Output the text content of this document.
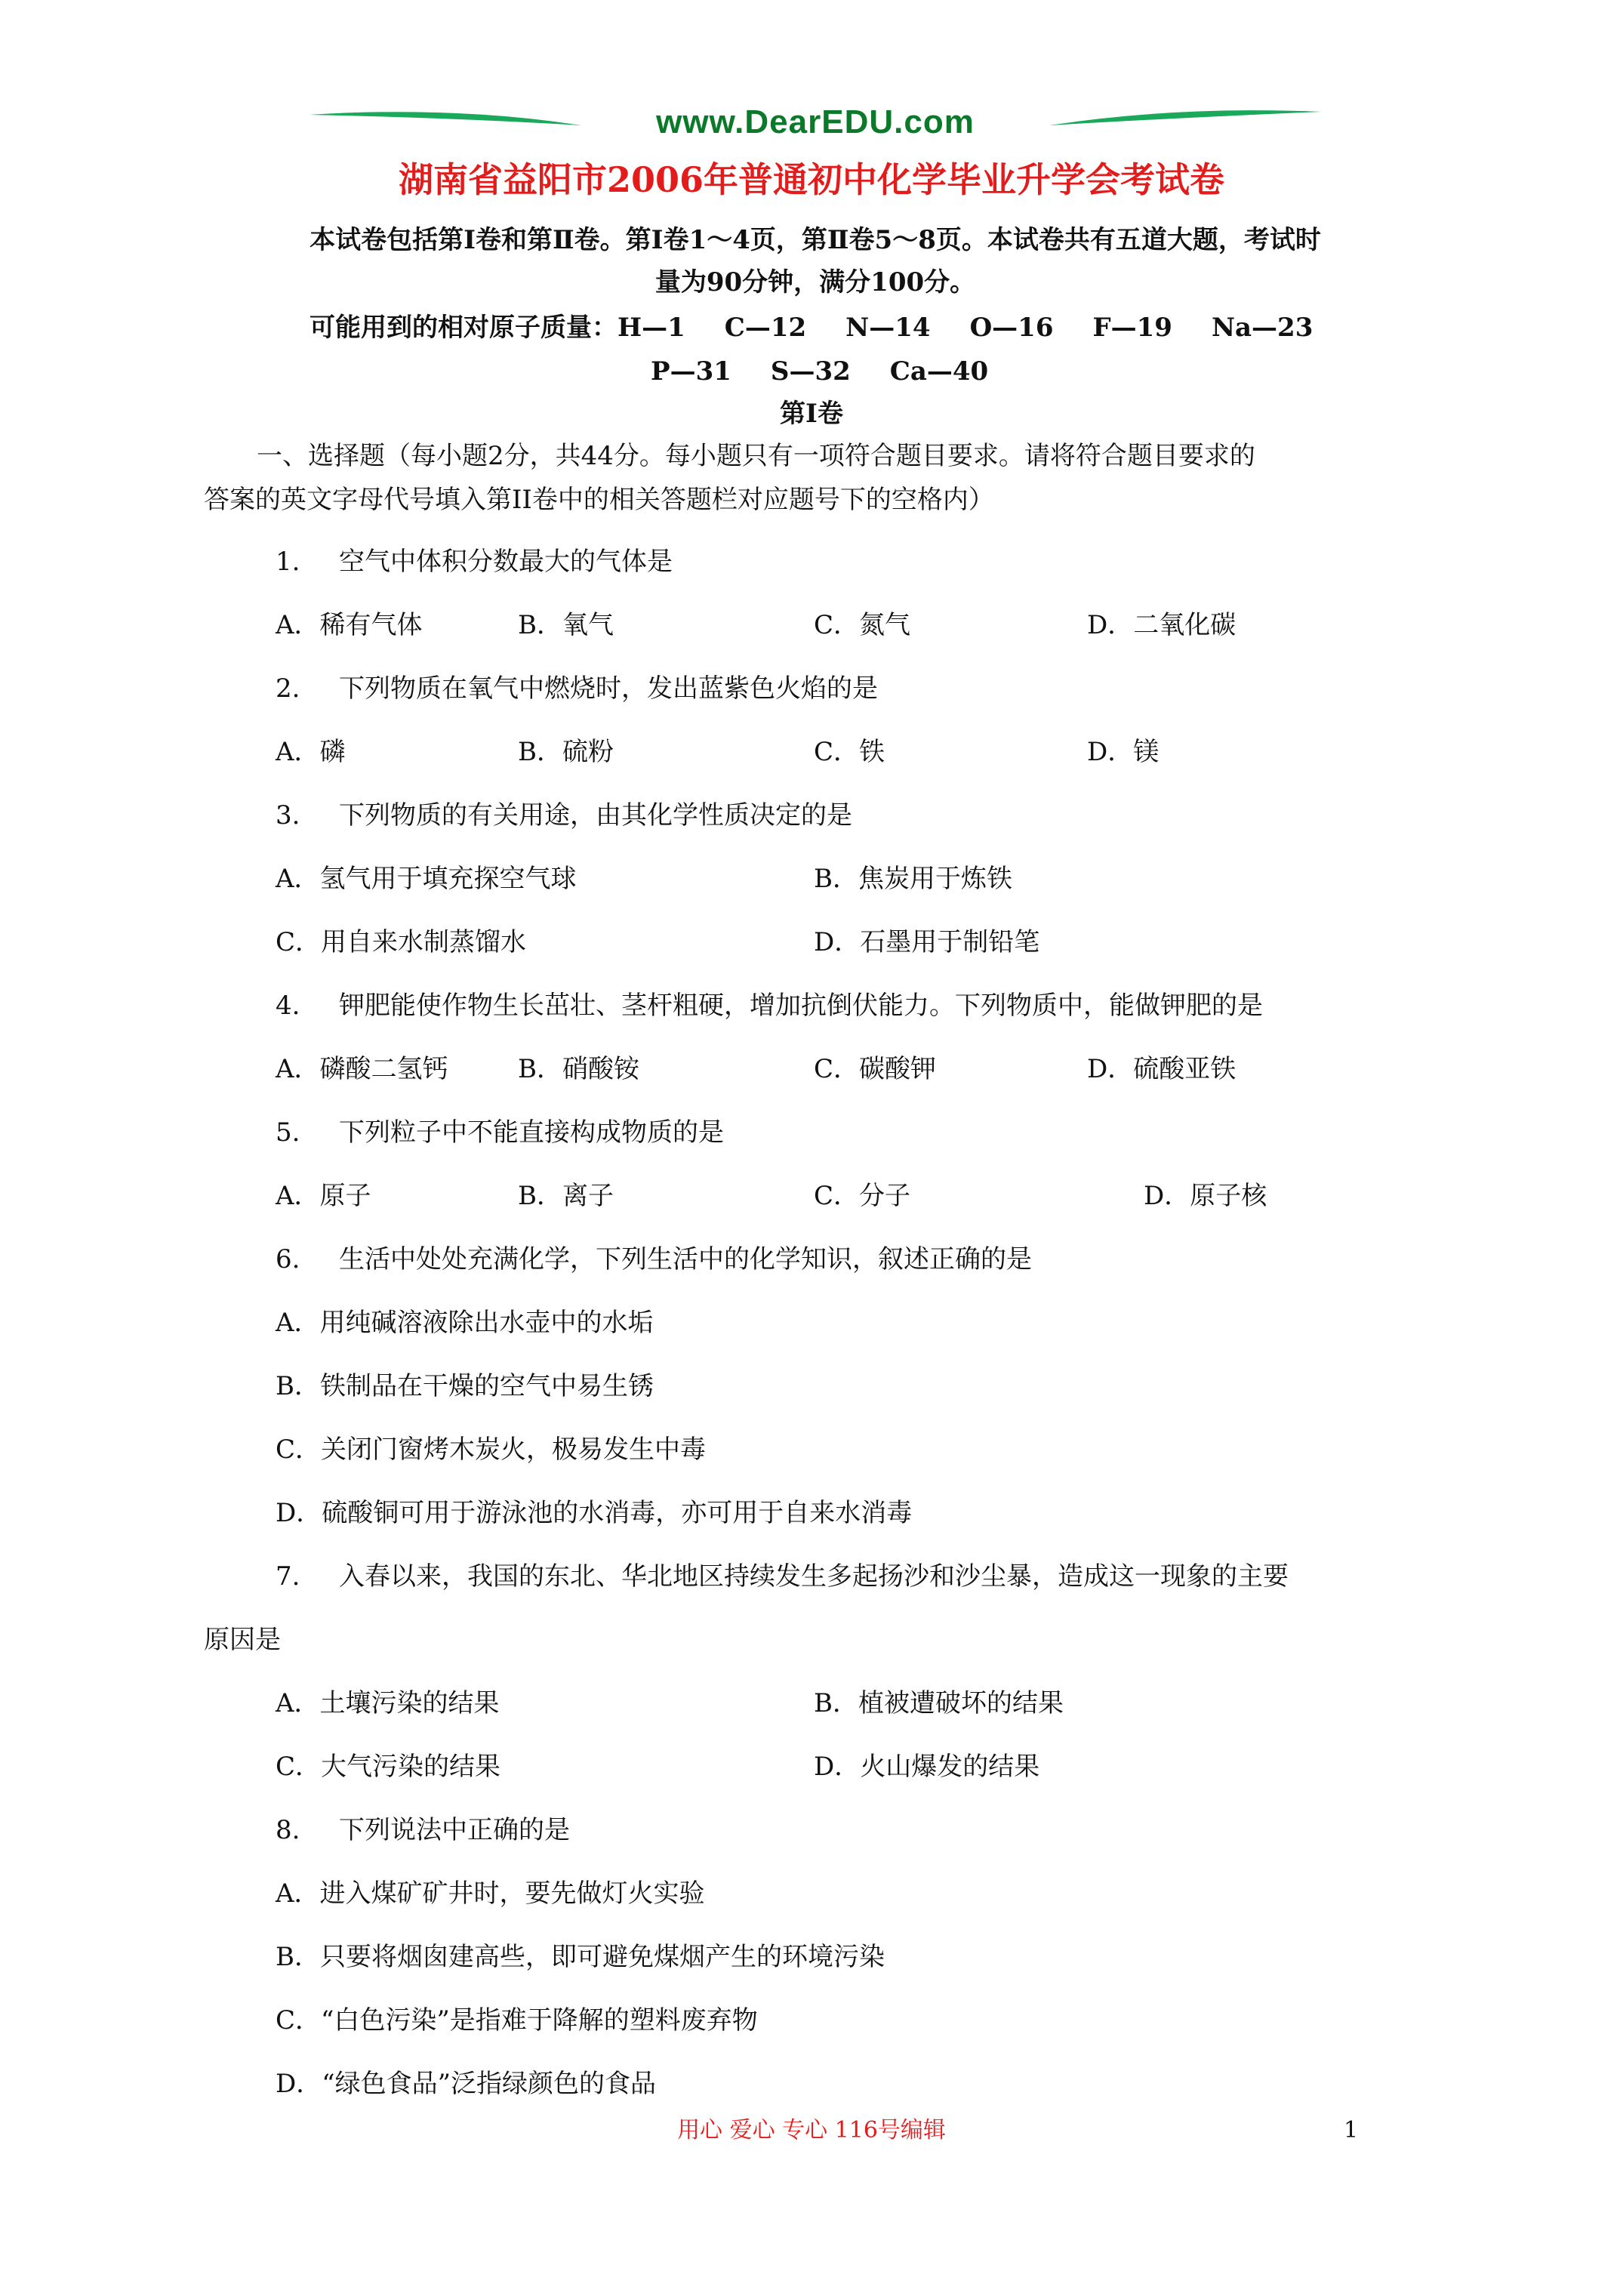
www.DearEDU.com
湖南省益阳市2006年普通初中化学毕业升学会考试卷
本试卷包括第I卷和第Ⅱ卷。第I卷1～4页，第Ⅱ卷5～8页。本试卷共有五道大题，考试时
量为90分钟，满分100分。
可能用到的相对原子质量：H—1 C—12 N—14 O—16 F—19 Na—23
P—31 S—32 Ca—40
第I卷
一、选择题（每小题2分，共44分。每小题只有一项符合题目要求。请将符合题目要求的
答案的英文字母代号填入第II卷中的相关答题栏对应题号下的空格内）
1. 空气中体积分数最大的气体是
A．稀有气体	B．氧气	C．氮气	D．二氧化碳
2. 下列物质在氧气中燃烧时，发出蓝紫色火焰的是
A．磷	B．硫粉	C．铁	D．镁
3. 下列物质的有关用途，由其化学性质决定的是
A．氢气用于填充探空气球	B．焦炭用于炼铁
C．用自来水制蒸馏水	D．石墨用于制铅笔
4. 钾肥能使作物生长茁壮、茎杆粗硬，增加抗倒伏能力。下列物质中，能做钾肥的是
A．磷酸二氢钙	B．硝酸铵	C．碳酸钾	D．硫酸亚铁
5. 下列粒子中不能直接构成物质的是
A．原子	B．离子	C．分子	D．原子核
6. 生活中处处充满化学，下列生活中的化学知识，叙述正确的是
A．用纯碱溶液除出水壶中的水垢
B．铁制品在干燥的空气中易生锈
C．关闭门窗烤木炭火，极易发生中毒
D．硫酸铜可用于游泳池的水消毒，亦可用于自来水消毒
7. 入春以来，我国的东北、华北地区持续发生多起扬沙和沙尘暴，造成这一现象的主要
原因是
A．土壤污染的结果	B．植被遭破坏的结果
C．大气污染的结果	D．火山爆发的结果
8. 下列说法中正确的是
A．进入煤矿矿井时，要先做灯火实验
B．只要将烟囱建高些，即可避免煤烟产生的环境污染
C．“白色污染”是指难于降解的塑料废弃物
D．“绿色食品”泛指绿颜色的食品
用心 爱心 专心 116号编辑	1
